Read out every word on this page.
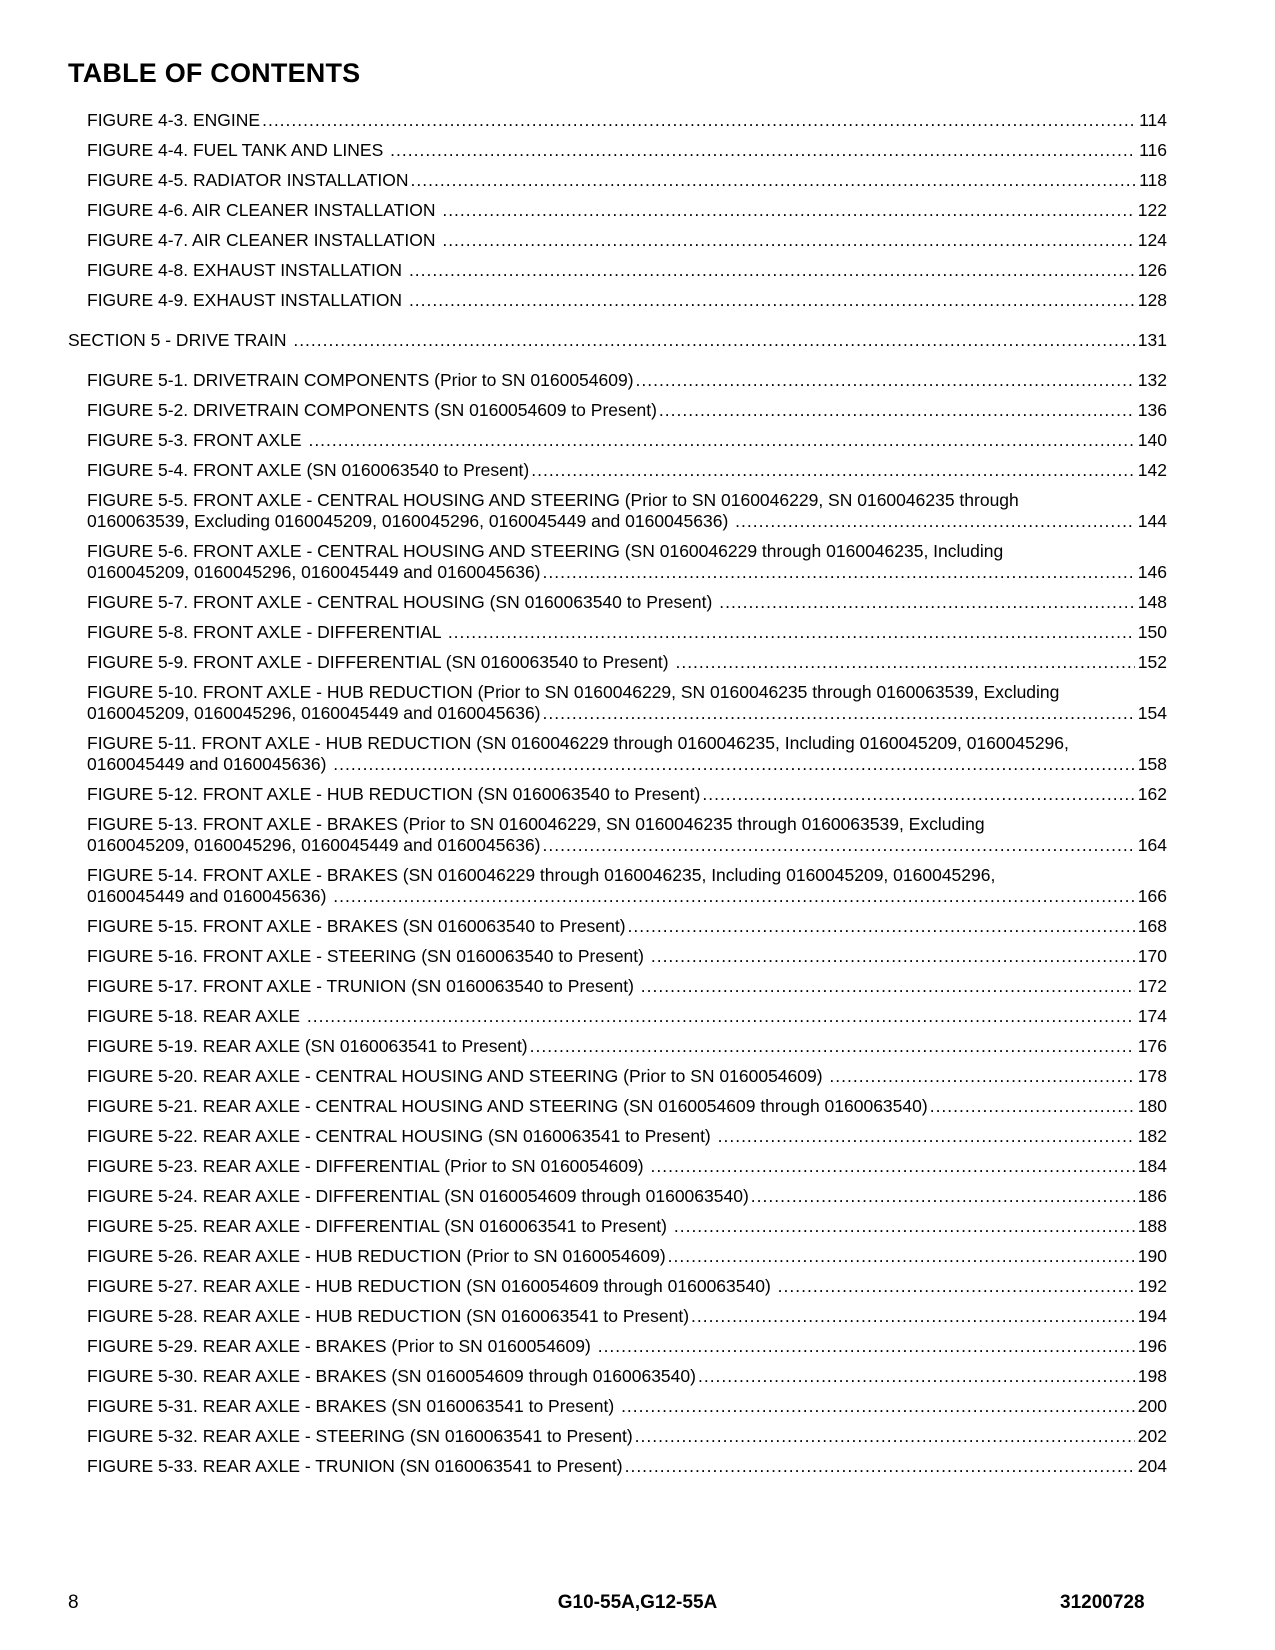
TABLE OF CONTENTS
FIGURE 4-3. ENGINE .....	114
FIGURE 4-4. FUEL TANK AND LINES .....	116
FIGURE 4-5. RADIATOR INSTALLATION .....	118
FIGURE 4-6. AIR CLEANER INSTALLATION .....	122
FIGURE 4-7. AIR CLEANER INSTALLATION .....	124
FIGURE 4-8. EXHAUST INSTALLATION .....	126
FIGURE 4-9. EXHAUST INSTALLATION .....	128
SECTION 5 - DRIVE TRAIN .....	131
FIGURE 5-1. DRIVETRAIN COMPONENTS (Prior to SN 0160054609) .....	132
FIGURE 5-2. DRIVETRAIN COMPONENTS (SN 0160054609 to Present) .....	136
FIGURE 5-3. FRONT AXLE .....	140
FIGURE 5-4. FRONT AXLE (SN 0160063540 to Present) .....	142
FIGURE 5-5. FRONT AXLE - CENTRAL HOUSING AND STEERING (Prior to SN 0160046229, SN 0160046235 through
0160063539, Excluding 0160045209, 0160045296, 0160045449 and 0160045636) .....	144
FIGURE 5-6. FRONT AXLE - CENTRAL HOUSING AND STEERING (SN 0160046229 through 0160046235, Including
0160045209, 0160045296, 0160045449 and 0160045636) .....	146
FIGURE 5-7. FRONT AXLE - CENTRAL HOUSING (SN 0160063540 to Present) .....	148
FIGURE 5-8. FRONT AXLE - DIFFERENTIAL .....	150
FIGURE 5-9. FRONT AXLE - DIFFERENTIAL (SN 0160063540 to Present) .....	152
FIGURE 5-10. FRONT AXLE - HUB REDUCTION (Prior to SN 0160046229, SN 0160046235 through 0160063539, Excluding
0160045209, 0160045296, 0160045449 and 0160045636) .....	154
FIGURE 5-11. FRONT AXLE - HUB REDUCTION (SN 0160046229 through 0160046235, Including 0160045209, 0160045296,
0160045449 and 0160045636) .....	158
FIGURE 5-12. FRONT AXLE - HUB REDUCTION (SN 0160063540 to Present) .....	162
FIGURE 5-13. FRONT AXLE - BRAKES (Prior to SN 0160046229, SN 0160046235 through 0160063539, Excluding
0160045209, 0160045296, 0160045449 and 0160045636) .....	164
FIGURE 5-14. FRONT AXLE - BRAKES (SN 0160046229 through 0160046235, Including 0160045209, 0160045296,
0160045449 and 0160045636) .....	166
FIGURE 5-15. FRONT AXLE - BRAKES (SN 0160063540 to Present) .....	168
FIGURE 5-16. FRONT AXLE - STEERING (SN 0160063540 to Present) .....	170
FIGURE 5-17. FRONT AXLE - TRUNION (SN 0160063540 to Present) .....	172
FIGURE 5-18. REAR AXLE .....	174
FIGURE 5-19. REAR AXLE (SN 0160063541 to Present) .....	176
FIGURE 5-20. REAR AXLE - CENTRAL HOUSING AND STEERING (Prior to SN 0160054609) .....	178
FIGURE 5-21. REAR AXLE - CENTRAL HOUSING AND STEERING (SN 0160054609 through 0160063540) .....	180
FIGURE 5-22. REAR AXLE - CENTRAL HOUSING (SN 0160063541 to Present) .....	182
FIGURE 5-23. REAR AXLE - DIFFERENTIAL (Prior to SN 0160054609) .....	184
FIGURE 5-24. REAR AXLE - DIFFERENTIAL (SN 0160054609 through 0160063540) .....	186
FIGURE 5-25. REAR AXLE - DIFFERENTIAL (SN 0160063541 to Present) .....	188
FIGURE 5-26. REAR AXLE - HUB REDUCTION (Prior to SN 0160054609) .....	190
FIGURE 5-27. REAR AXLE - HUB REDUCTION (SN 0160054609 through 0160063540) .....	192
FIGURE 5-28. REAR AXLE - HUB REDUCTION (SN 0160063541 to Present) .....	194
FIGURE 5-29. REAR AXLE - BRAKES (Prior to SN 0160054609) .....	196
FIGURE 5-30. REAR AXLE - BRAKES (SN 0160054609 through 0160063540) .....	198
FIGURE 5-31. REAR AXLE - BRAKES (SN 0160063541 to Present) .....	200
FIGURE 5-32. REAR AXLE - STEERING (SN 0160063541 to Present) .....	202
FIGURE 5-33. REAR AXLE - TRUNION (SN 0160063541 to Present) .....	204
8	G10-55A,G12-55A	31200728
